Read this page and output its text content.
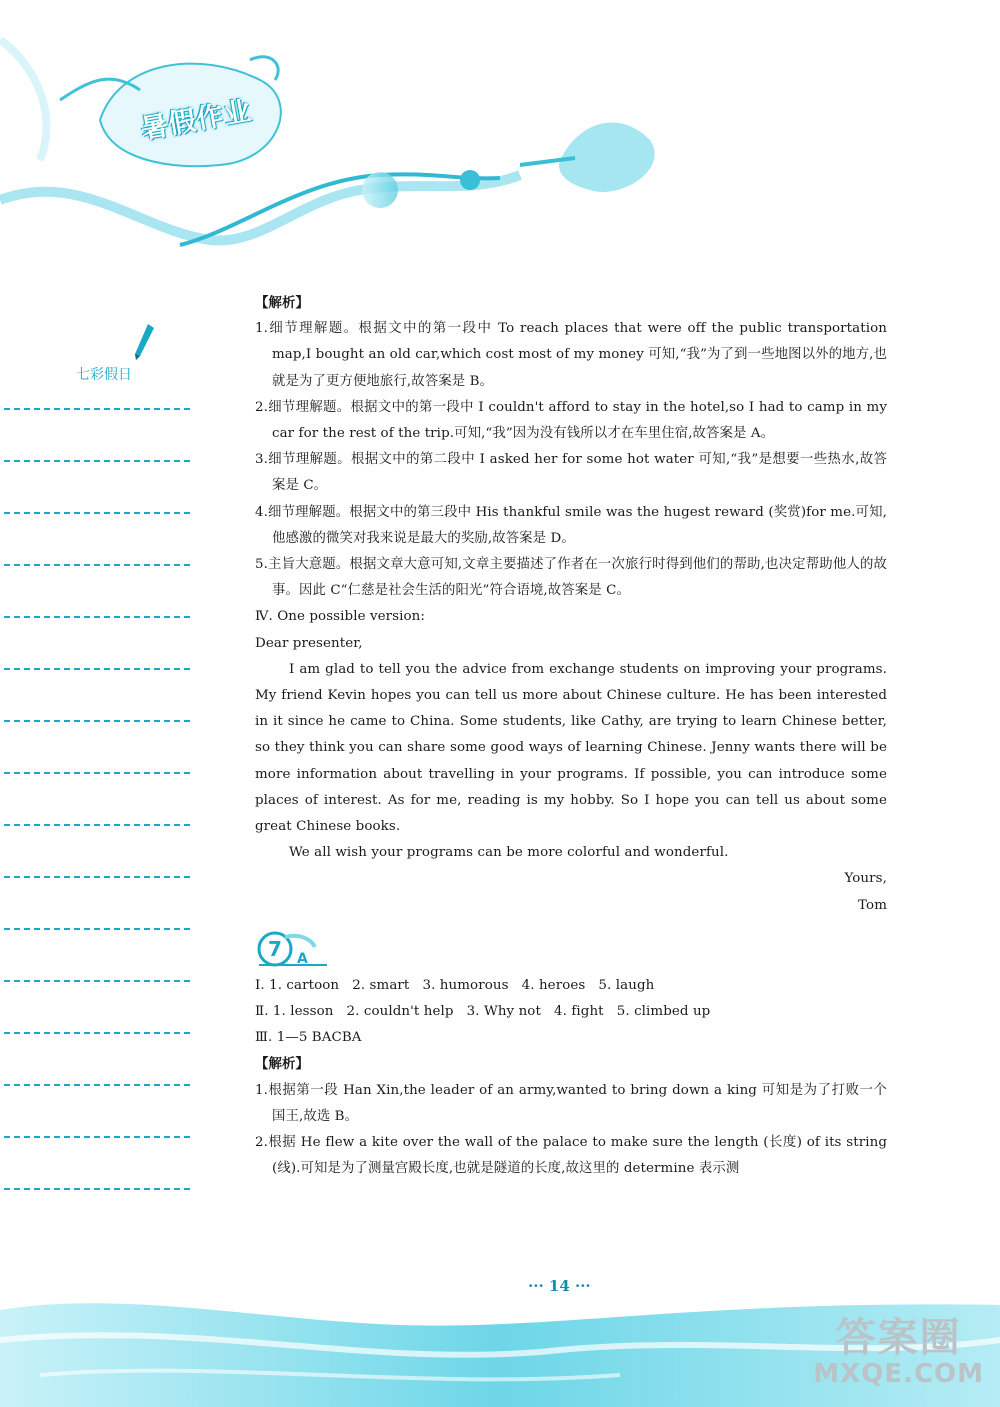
暑假作业
七彩假日

【解析】

1.细节理解题。根据文中的第一段中 To reach places that were off the public transportation map,I bought an old car,which cost most of my money 可知,“我”为了到一些地图以外的地方,也就是为了更方便地旅行,故答案是 B。

2.细节理解题。根据文中的第一段中 I couldn't afford to stay in the hotel,so I had to camp in my car for the rest of the trip.可知,“我”因为没有钱所以才在车里住宿,故答案是 A。

3.细节理解题。根据文中的第二段中 I asked her for some hot water 可知,“我”是想要一些热水,故答案是 C。

4.细节理解题。根据文中的第三段中 His thankful smile was the hugest reward (奖赏)for me.可知,他感激的微笑对我来说是最大的奖励,故答案是 D。

5.主旨大意题。根据文章大意可知,文章主要描述了作者在一次旅行时得到他们的帮助,也决定帮助他人的故事。因此 C“仁慈是社会生活的阳光”符合语境,故答案是 C。

Ⅳ. One possible version:

Dear presenter,

I am glad to tell you the advice from exchange students on improving your programs. My friend Kevin hopes you can tell us more about Chinese culture. He has been interested in it since he came to China. Some students, like Cathy, are trying to learn Chinese better, so they think you can share some good ways of learning Chinese. Jenny wants there will be more information about travelling in your programs. If possible, you can introduce some places of interest. As for me, reading is my hobby. So I hope you can tell us about some great Chinese books.

We all wish your programs can be more colorful and wonderful.

Yours,

Tom

7 A

Ⅰ. 1. cartoon   2. smart   3. humorous   4. heroes   5. laugh

Ⅱ. 1. lesson   2. couldn't help   3. Why not   4. fight   5. climbed up

Ⅲ. 1—5 BACBA

【解析】

1.根据第一段 Han Xin,the leader of an army,wanted to bring down a king 可知是为了打败一个国王,故选 B。

2.根据 He flew a kite over the wall of the palace to make sure the length (长度) of its string (线).可知是为了测量宫殿长度,也就是隧道的长度,故这里的 determine 表示测

··· 14 ···
答案圈
MXQE.COM
